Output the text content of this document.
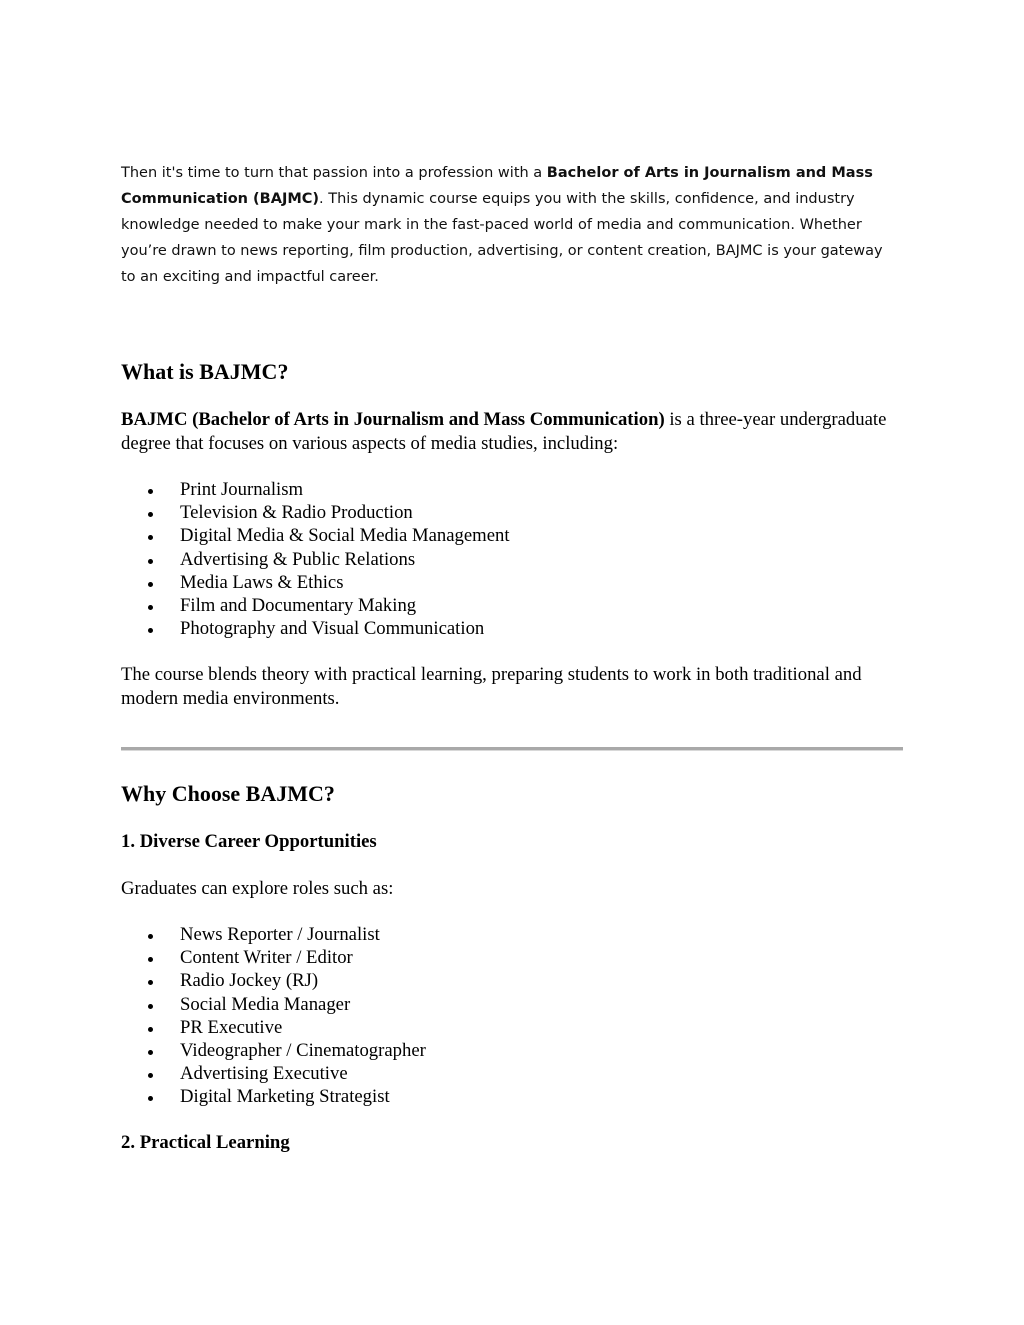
Then it's time to turn that passion into a profession with a Bachelor of Arts in Journalism and Mass Communication (BAJMC). This dynamic course equips you with the skills, confidence, and industry knowledge needed to make your mark in the fast-paced world of media and communication. Whether you’re drawn to news reporting, film production, advertising, or content creation, BAJMC is your gateway to an exciting and impactful career.

What is BAJMC?

BAJMC (Bachelor of Arts in Journalism and Mass Communication) is a three-year undergraduate degree that focuses on various aspects of media studies, including:

Print Journalism
Television & Radio Production
Digital Media & Social Media Management
Advertising & Public Relations
Media Laws & Ethics
Film and Documentary Making
Photography and Visual Communication

The course blends theory with practical learning, preparing students to work in both traditional and modern media environments.

Why Choose BAJMC?
1. Diverse Career Opportunities

Graduates can explore roles such as:

News Reporter / Journalist
Content Writer / Editor
Radio Jockey (RJ)
Social Media Manager
PR Executive
Videographer / Cinematographer
Advertising Executive
Digital Marketing Strategist
2. Practical Learning
